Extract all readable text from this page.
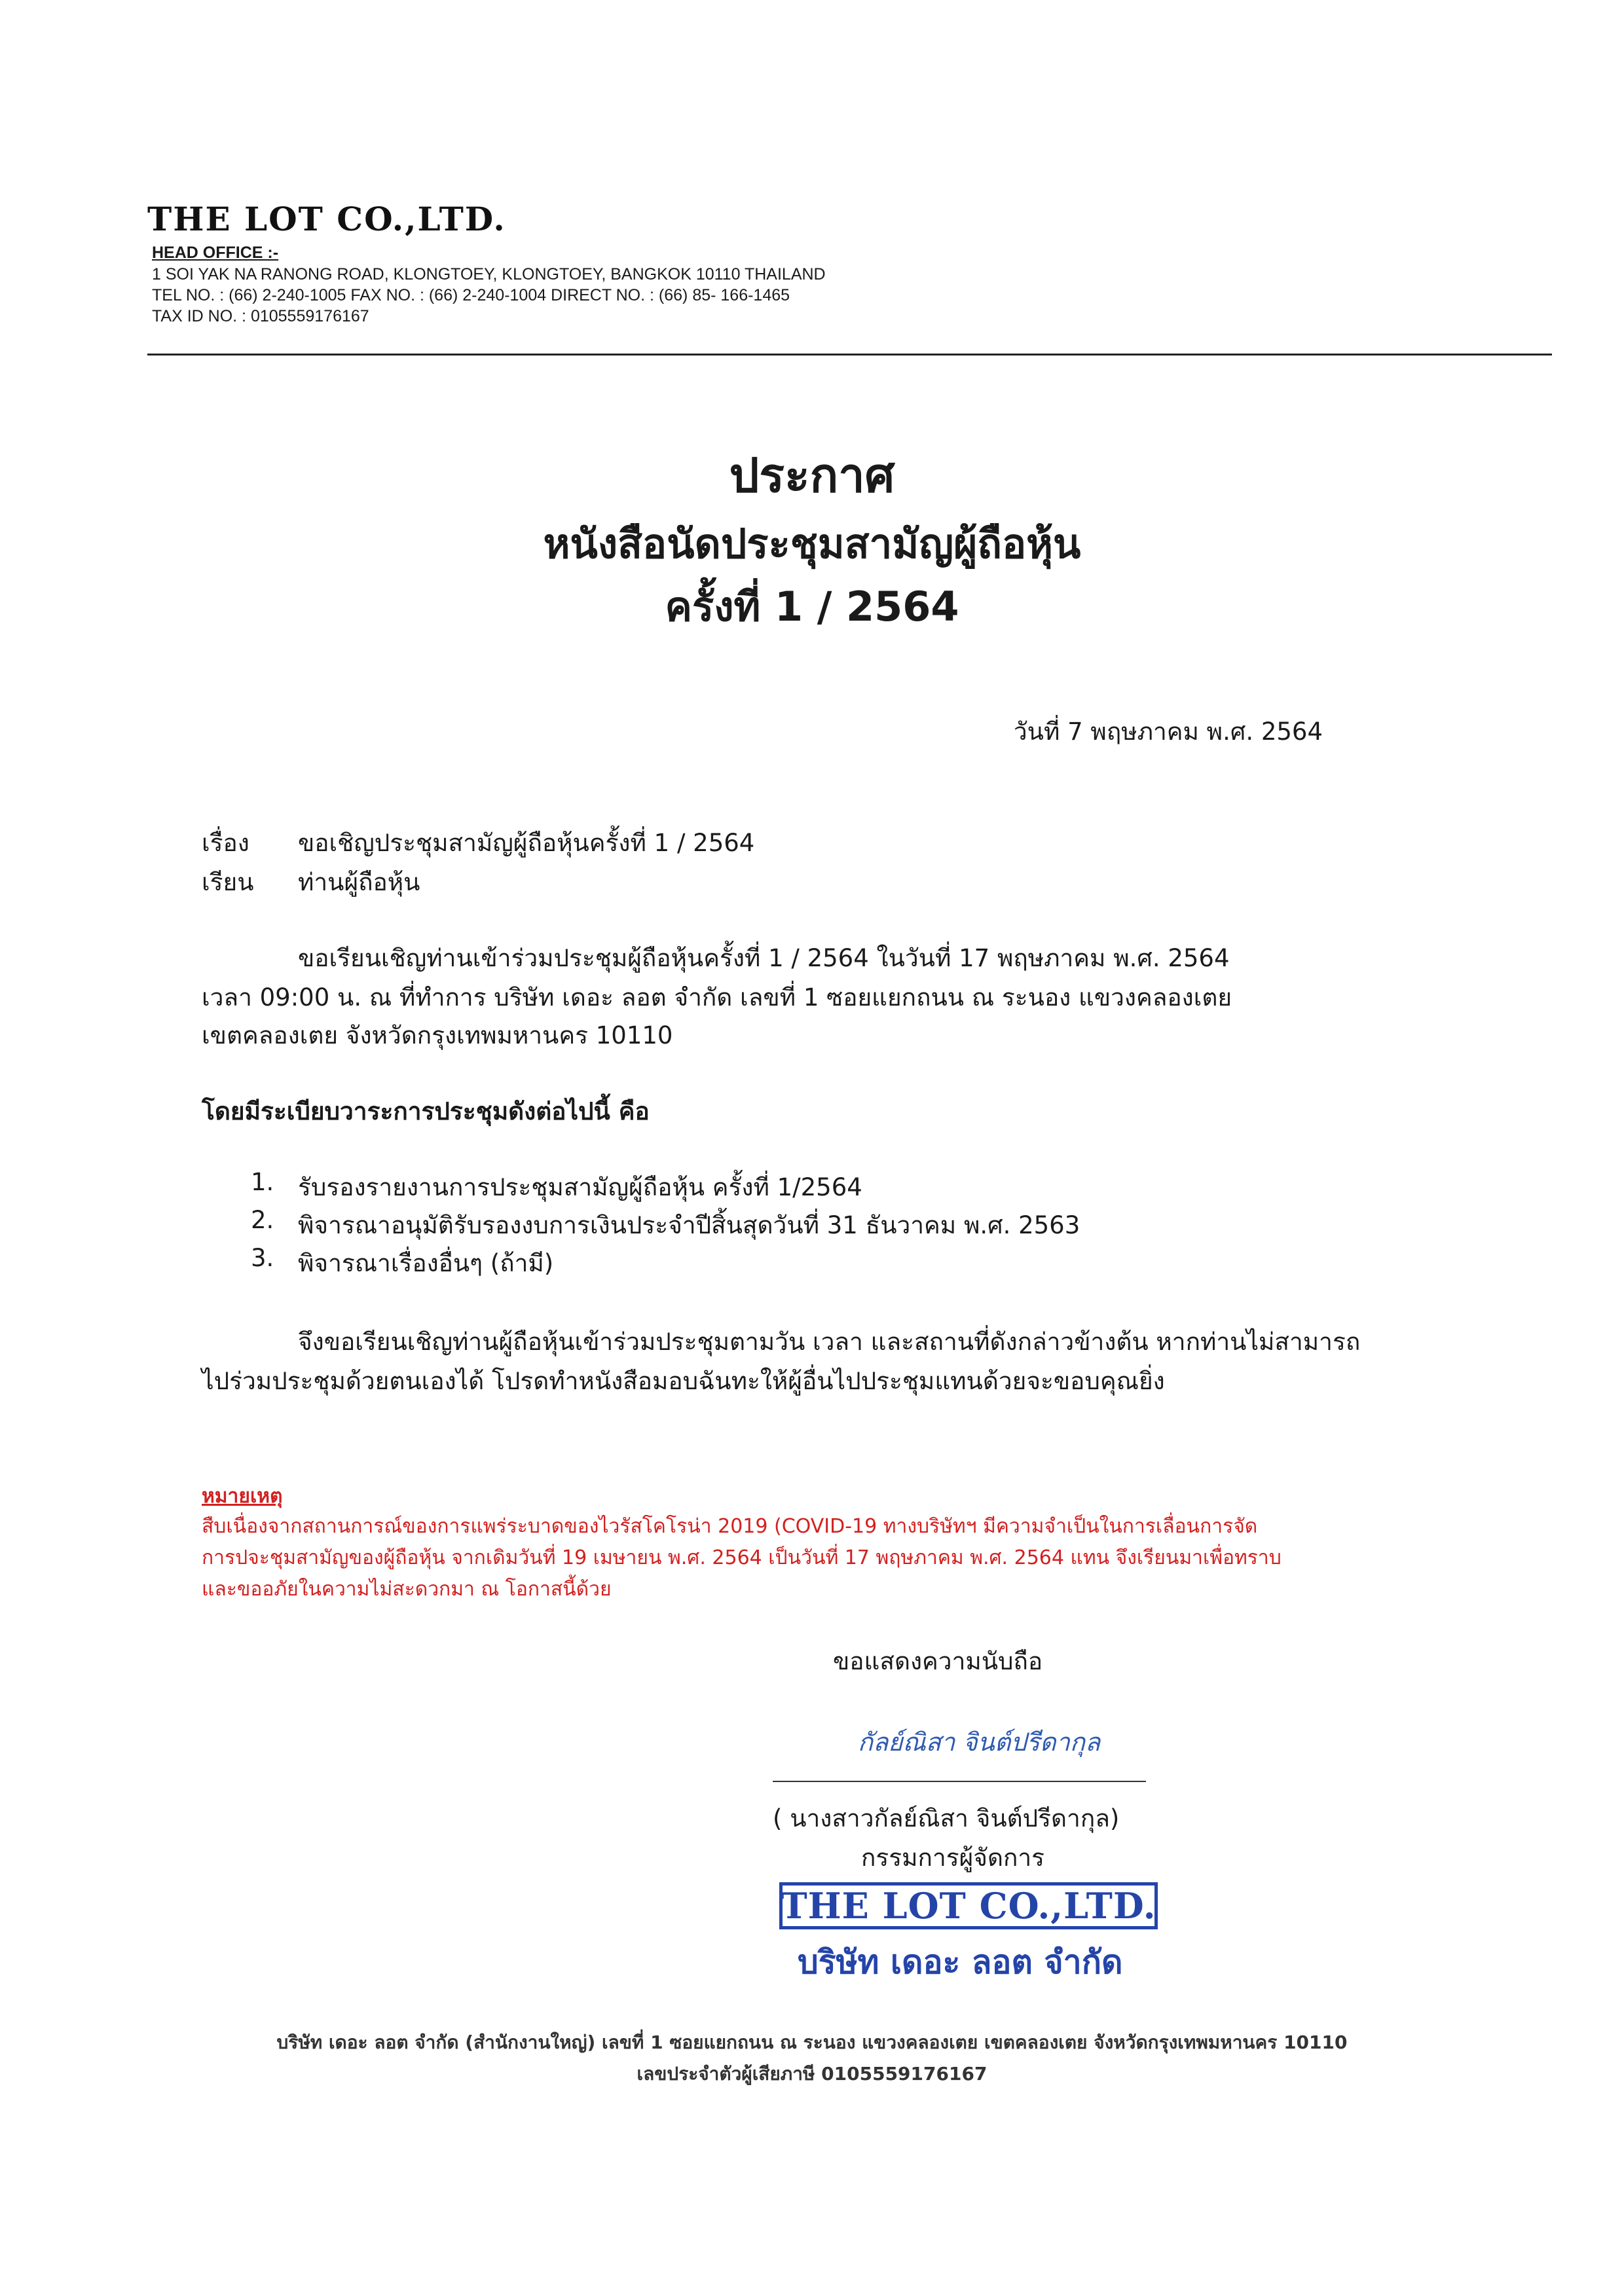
THE LOT CO.,LTD.
HEAD OFFICE :-
1 SOI YAK NA RANONG ROAD, KLONGTOEY, KLONGTOEY, BANGKOK 10110 THAILAND
TEL NO. : (66) 2-240-1005 FAX NO. : (66) 2-240-1004 DIRECT NO. : (66) 85- 166-1465
TAX ID NO. : 0105559176167
ประกาศ
หนังสือนัดประชุมสามัญผู้ถือหุ้น
ครั้งที่ 1 / 2564
วันที่ 7 พฤษภาคม พ.ศ. 2564
เรื่อง ขอเชิญประชุมสามัญผู้ถือหุ้นครั้งที่ 1 / 2564
เรียน ท่านผู้ถือหุ้น
ขอเรียนเชิญท่านเข้าร่วมประชุมผู้ถือหุ้นครั้งที่ 1 / 2564 ในวันที่ 17 พฤษภาคม พ.ศ. 2564
เวลา 09:00 น. ณ ที่ทำการ บริษัท เดอะ ลอต จำกัด เลขที่ 1 ซอยแยกถนน ณ ระนอง แขวงคลองเตย
เขตคลองเตย จังหวัดกรุงเทพมหานคร 10110
โดยมีระเบียบวาระการประชุมดังต่อไปนี้ คือ
1. รับรองรายงานการประชุมสามัญผู้ถือหุ้น ครั้งที่ 1/2564
2. พิจารณาอนุมัติรับรองงบการเงินประจำปีสิ้นสุดวันที่ 31 ธันวาคม พ.ศ. 2563
3. พิจารณาเรื่องอื่นๆ (ถ้ามี)
จึงขอเรียนเชิญท่านผู้ถือหุ้นเข้าร่วมประชุมตามวัน เวลา และสถานที่ดังกล่าวข้างต้น หากท่านไม่สามารถ
ไปร่วมประชุมด้วยตนเองได้ โปรดทำหนังสือมอบฉันทะให้ผู้อื่นไปประชุมแทนด้วยจะขอบคุณยิ่ง
หมายเหตุ
สืบเนื่องจากสถานการณ์ของการแพร่ระบาดของไวรัสโคโรน่า 2019 (COVID-19 ทางบริษัทฯ มีความจำเป็นในการเลื่อนการจัด
การปจะชุมสามัญของผู้ถือหุ้น จากเดิมวันที่ 19 เมษายน พ.ศ. 2564 เป็นวันที่ 17 พฤษภาคม พ.ศ. 2564 แทน จึงเรียนมาเพื่อทราบ
และขออภัยในความไม่สะดวกมา ณ โอกาสนี้ด้วย
ขอแสดงความนับถือ
กัลย์ณิสา จินต์ปรีดากุล
( นางสาวกัลย์ณิสา จินต์ปรีดากุล)
กรรมการผู้จัดการ
THE LOT CO.,LTD.
บริษัท เดอะ ลอต จำกัด
บริษัท เดอะ ลอต จำกัด (สำนักงานใหญ่) เลขที่ 1 ซอยแยกถนน ณ ระนอง แขวงคลองเตย เขตคลองเตย จังหวัดกรุงเทพมหานคร 10110
เลขประจำตัวผู้เสียภาษี 0105559176167
